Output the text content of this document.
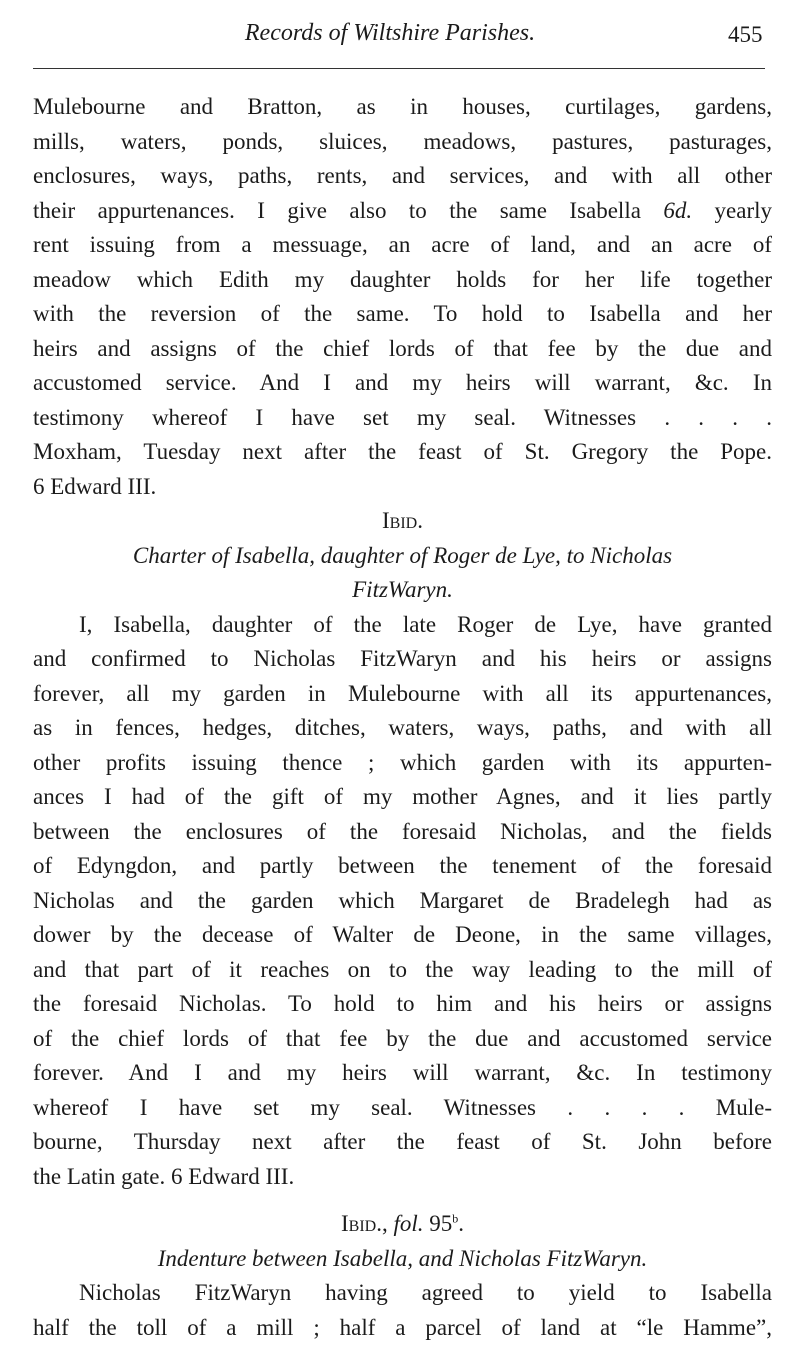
Records of Wiltshire Parishes.	455
Mulebourne and Bratton, as in houses, curtilages, gardens,
mills, waters, ponds, sluices, meadows, pastures, pasturages,
enclosures, ways, paths, rents, and services, and with all other
their appurtenances. I give also to the same Isabella 6d. yearly
rent issuing from a messuage, an acre of land, and an acre of
meadow which Edith my daughter holds for her life together
with the reversion of the same. To hold to Isabella and her
heirs and assigns of the chief lords of that fee by the due and
accustomed service. And I and my heirs will warrant, &c. In
testimony whereof I have set my seal. Witnesses . . . .
Moxham, Tuesday next after the feast of St. Gregory the Pope.
6 Edward III.
Ibid.
Charter of Isabella, daughter of Roger de Lye, to Nicholas
FitzWaryn.
I, Isabella, daughter of the late Roger de Lye, have granted
and confirmed to Nicholas FitzWaryn and his heirs or assigns
forever, all my garden in Mulebourne with all its appurtenances,
as in fences, hedges, ditches, waters, ways, paths, and with all
other profits issuing thence ; which garden with its appurten-
ances I had of the gift of my mother Agnes, and it lies partly
between the enclosures of the foresaid Nicholas, and the fields
of Edyngdon, and partly between the tenement of the foresaid
Nicholas and the garden which Margaret de Bradelegh had as
dower by the decease of Walter de Deone, in the same villages,
and that part of it reaches on to the way leading to the mill of
the foresaid Nicholas. To hold to him and his heirs or assigns
of the chief lords of that fee by the due and accustomed service
forever. And I and my heirs will warrant, &c. In testimony
whereof I have set my seal. Witnesses . . . . Mule-
bourne, Thursday next after the feast of St. John before
the Latin gate. 6 Edward III.
Ibid., fol. 95$^b$.
Indenture between Isabella, and Nicholas FitzWaryn.
Nicholas FitzWaryn having agreed to yield to Isabella
half the toll of a mill ; half a parcel of land at “le Hamme”,
